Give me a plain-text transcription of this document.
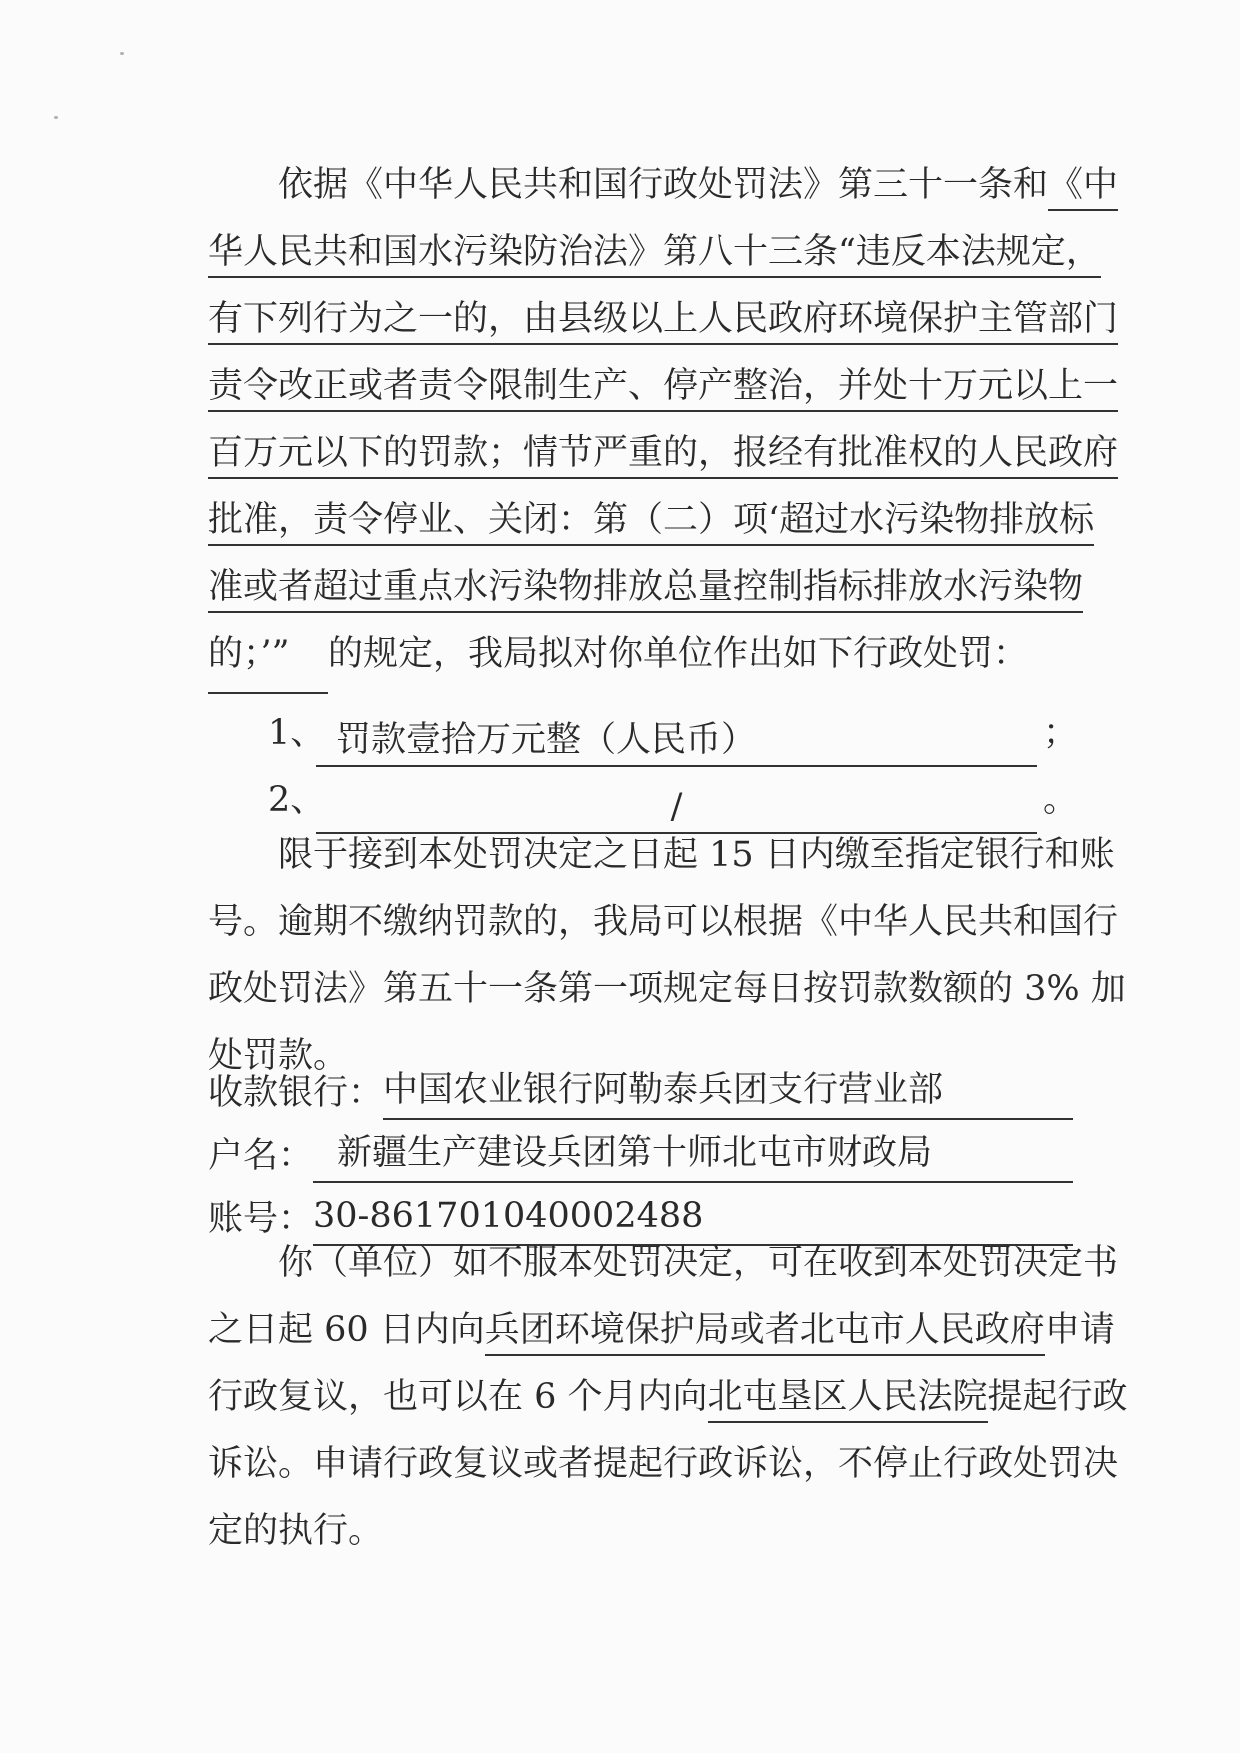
依据《中华人民共和国行政处罚法》第三十一条和《中
华人民共和国水污染防治法》第八十三条“违反本法规定，
有下列行为之一的，由县级以上人民政府环境保护主管部门
责令改正或者责令限制生产、停产整治，并处十万元以上一
百万元以下的罚款；情节严重的，报经有批准权的人民政府
批准，责令停业、关闭：第（二）项‘超过水污染物排放标
准或者超过重点水污染物排放总量控制指标排放水污染物
的；’” 的规定，我局拟对你单位作出如下行政处罚：
1、 罚款壹拾万元整（人民币）	；
2、	/	。
限于接到本处罚决定之日起 15 日内缴至指定银行和账
号。逾期不缴纳罚款的，我局可以根据《中华人民共和国行
政处罚法》第五十一条第一项规定每日按罚款数额的 3% 加
处罚款。
收款银行： 中国农业银行阿勒泰兵团支行营业部
户名： 新疆生产建设兵团第十师北屯市财政局
账号： 30-861701040002488
你（单位）如不服本处罚决定，可在收到本处罚决定书
之日起 60 日内向兵团环境保护局或者北屯市人民政府申请
行政复议，也可以在 6 个月内向北屯垦区人民法院提起行政
诉讼。申请行政复议或者提起行政诉讼，不停止行政处罚决
定的执行。
